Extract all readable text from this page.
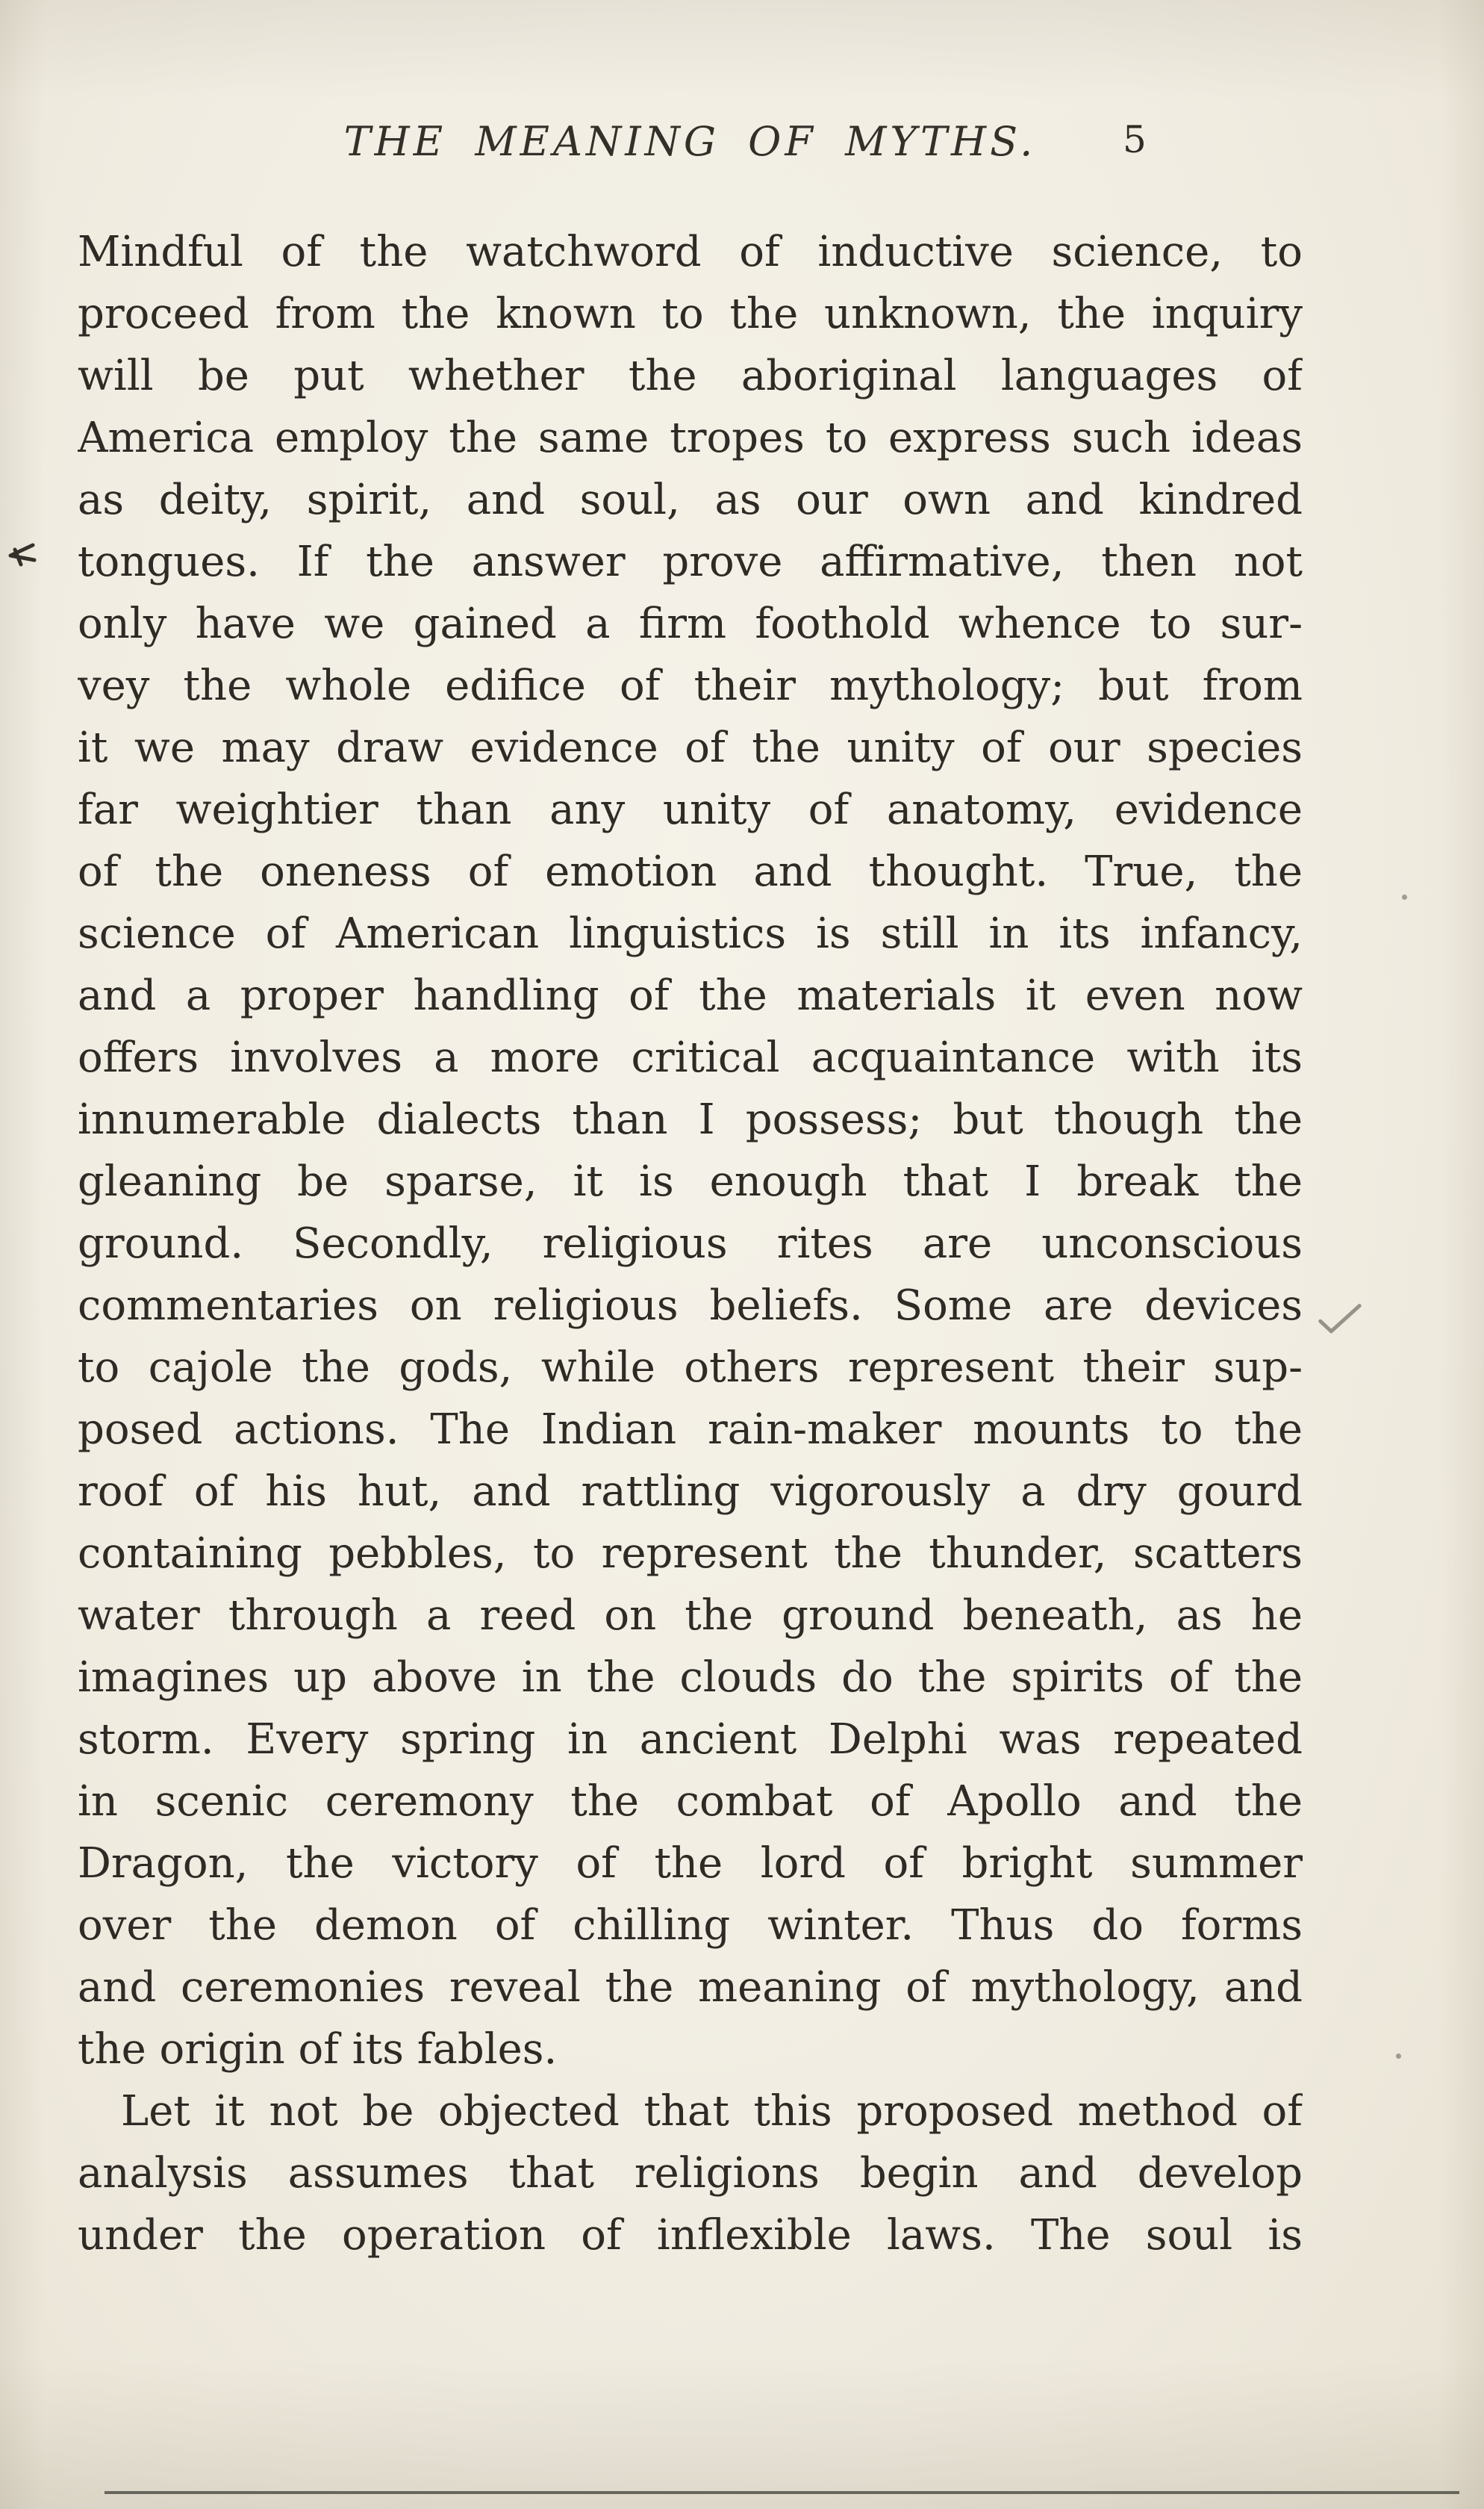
THE MEANING OF MYTHS.	5
Mindful of the watchword of inductive science, to
proceed from the known to the unknown, the inquiry
will be put whether the aboriginal languages of
America employ the same tropes to express such ideas
as deity, spirit, and soul, as our own and kindred
tongues. If the answer prove affirmative, then not
only have we gained a firm foothold whence to sur-
vey the whole edifice of their mythology; but from
it we may draw evidence of the unity of our species
far weightier than any unity of anatomy, evidence
of the oneness of emotion and thought. True, the
science of American linguistics is still in its infancy,
and a proper handling of the materials it even now
offers involves a more critical acquaintance with its
innumerable dialects than I possess; but though the
gleaning be sparse, it is enough that I break the
ground. Secondly, religious rites are unconscious
commentaries on religious beliefs. Some are devices
to cajole the gods, while others represent their sup-
posed actions. The Indian rain-maker mounts to the
roof of his hut, and rattling vigorously a dry gourd
containing pebbles, to represent the thunder, scatters
water through a reed on the ground beneath, as he
imagines up above in the clouds do the spirits of the
storm. Every spring in ancient Delphi was repeated
in scenic ceremony the combat of Apollo and the
Dragon, the victory of the lord of bright summer
over the demon of chilling winter. Thus do forms
and ceremonies reveal the meaning of mythology, and
the origin of its fables.
Let it not be objected that this proposed method of
analysis assumes that religions begin and develop
under the operation of inflexible laws. The soul is
